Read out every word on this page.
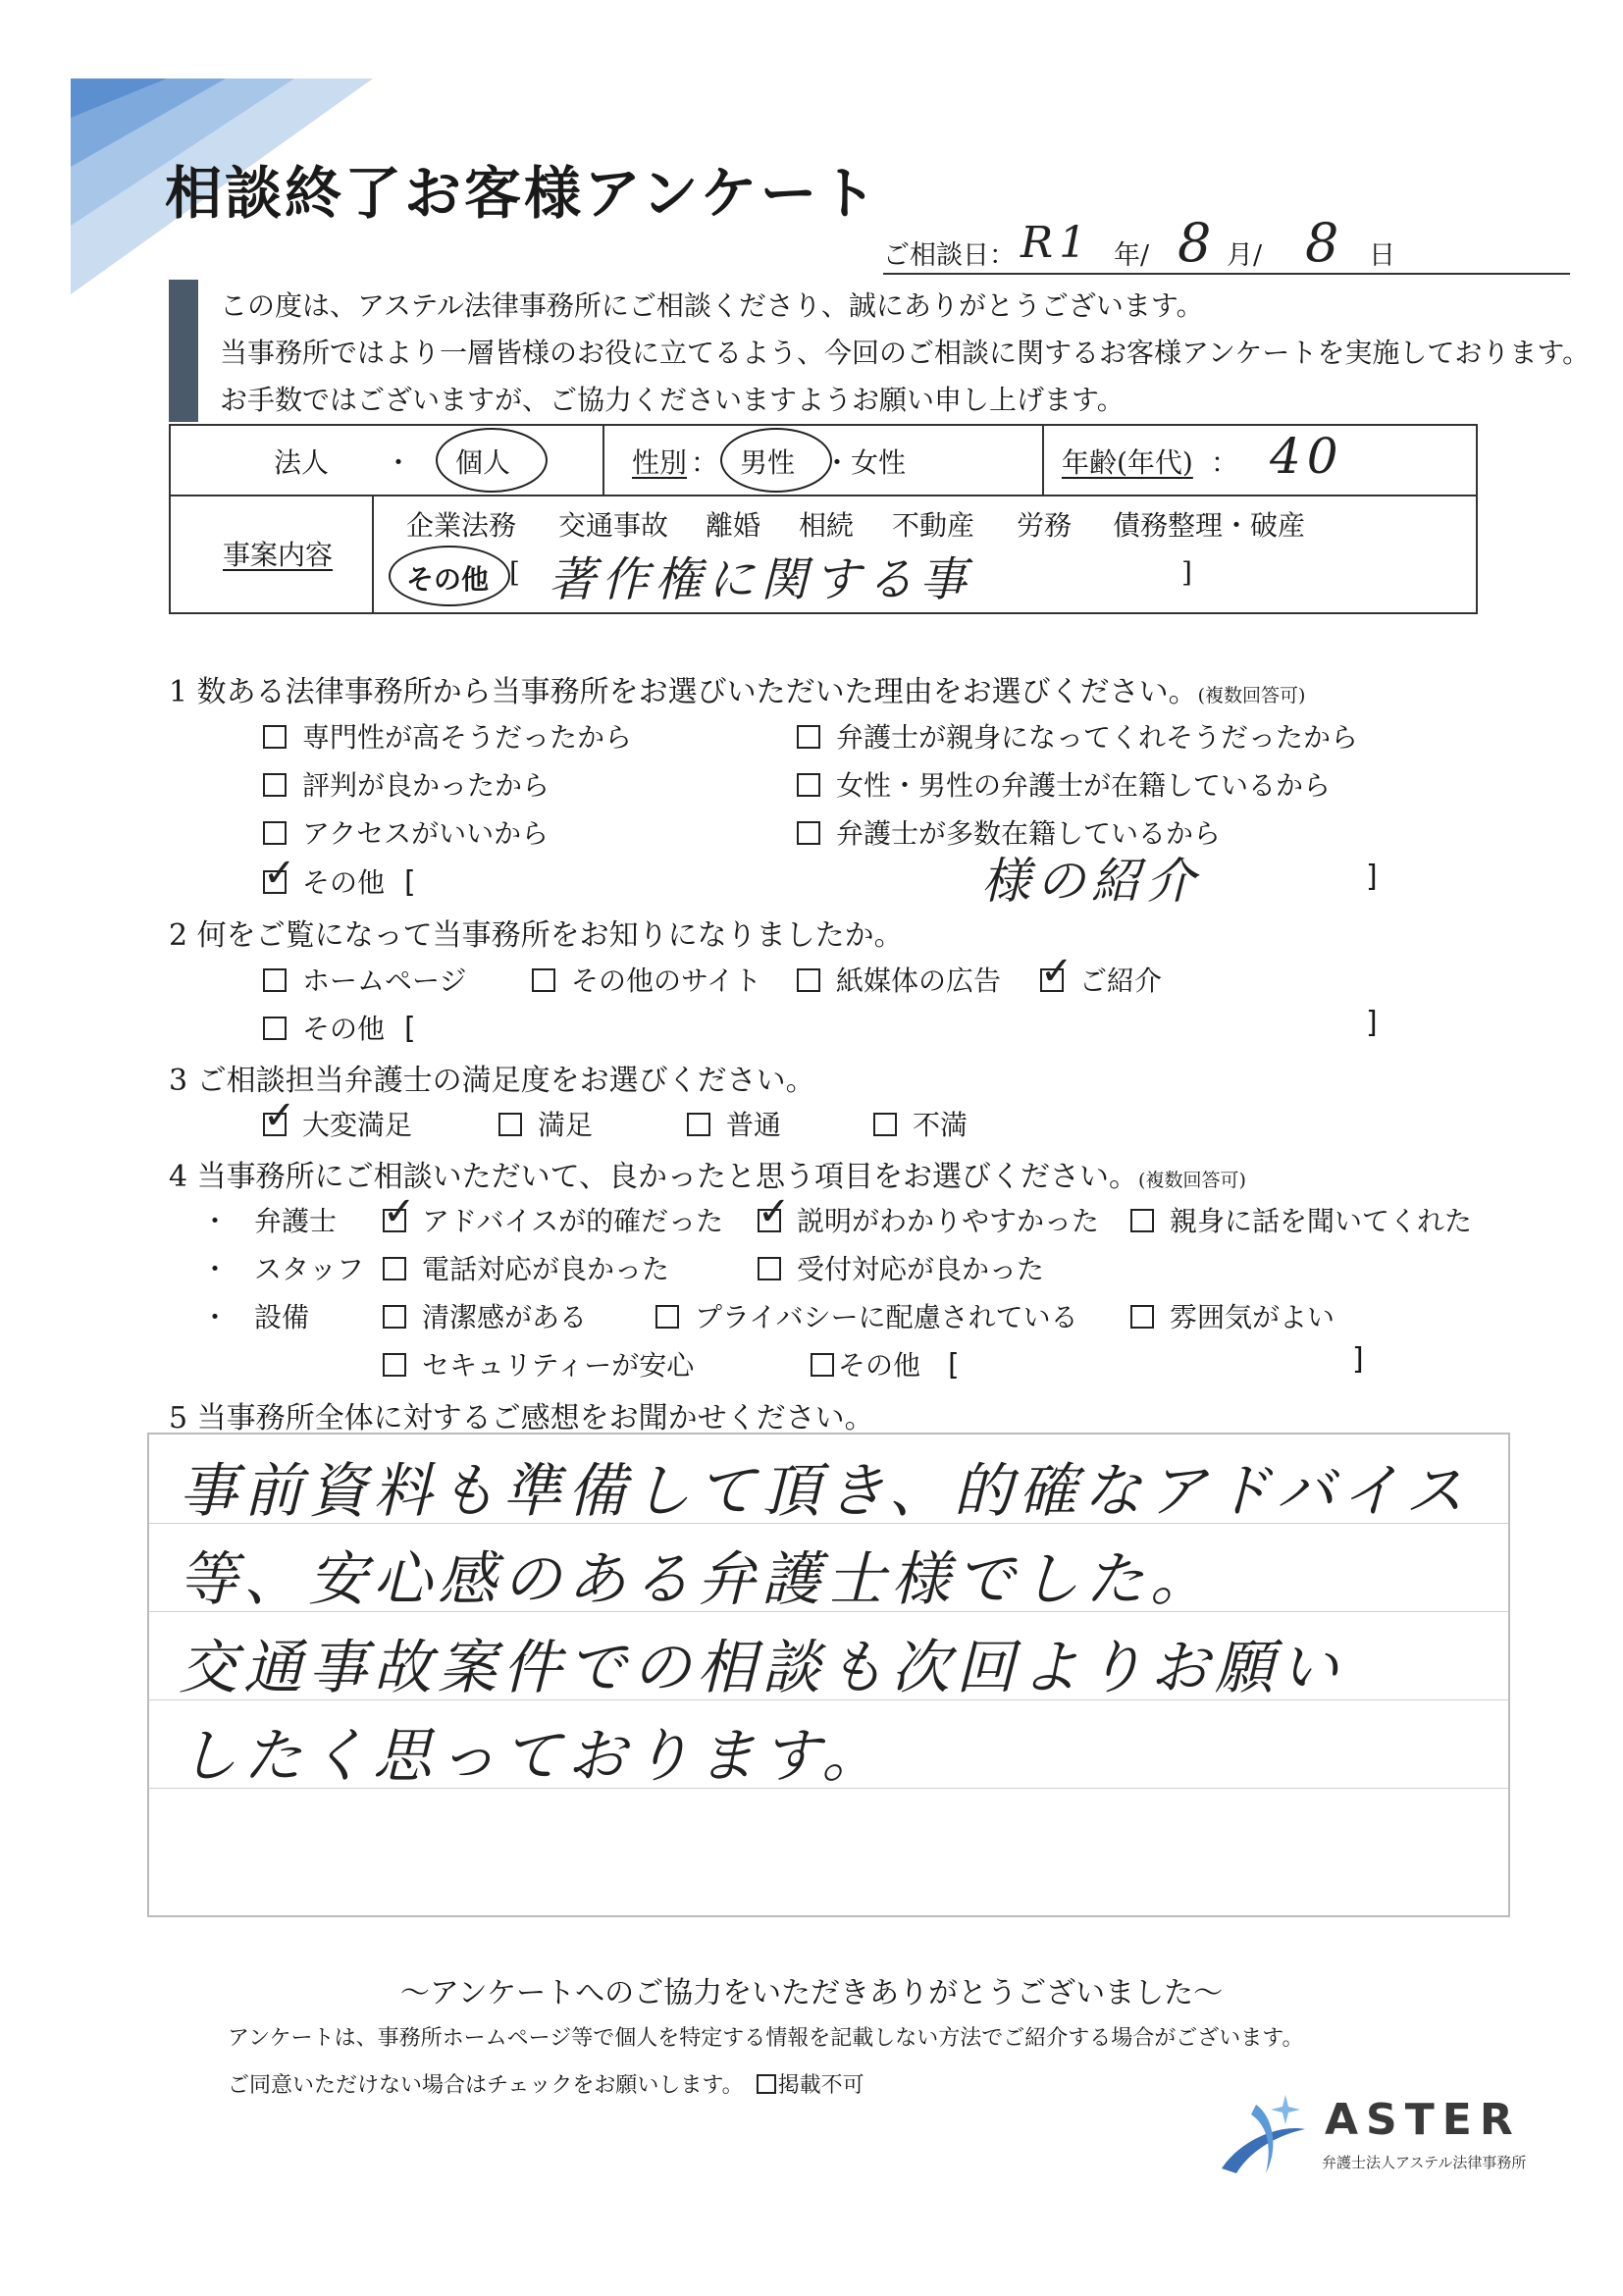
相談終了お客様アンケート
ご相談日： R1 年/ 8 月/ 8 日
この度は、アステル法律事務所にご相談くださり、誠にありがとうございます。
当事務所ではより一層皆様のお役に立てるよう、今回のご相談に関するお客様アンケートを実施しております。
お手数ではございますが、ご協力くださいますようお願い申し上げます。
法人 ・ 個人	性別 ： 男性 ・女性	年齢(年代) ： 40
事案内容
企業法務 交通事故 離婚 相続 不動産 労務 債務整理・破産
その他 [ 著作権に関する事	]
1 数ある法律事務所から当事務所をお選びいただいた理由をお選びください。(複数回答可)
専門性が高そうだったから	弁護士が親身になってくれそうだったから
評判が良かったから	女性・男性の弁護士が在籍しているから
アクセスがいいから	弁護士が多数在籍しているから
✓その他 [	様の紹介	]
2 何をご覧になって当事務所をお知りになりましたか。
ホームページ	その他のサイト	紙媒体の広告 ✓	ご紹介
その他 [	]
3 ご相談担当弁護士の満足度をお選びください。
✓大変満足	満足	普通	不満
4 当事務所にご相談いただいて、良かったと思う項目をお選びください。(複数回答可)
・ 弁護士 ✓	アドバイスが的確だった ✓	説明がわかりやすかった	親身に話を聞いてくれた
・ スタッフ	電話対応が良かった	受付対応が良かった
・ 設備	清潔感がある	プライバシーに配慮されている	雰囲気がよい
セキュリティーが安心	その他 [	]
5 当事務所全体に対するご感想をお聞かせください。
事前資料も準備して頂き、的確なアドバイス
等、安心感のある弁護士様でした。
交通事故案件での相談も次回よりお願い
したく思っております。
～アンケートへのご協力をいただきありがとうございました～
アンケートは、事務所ホームページ等で個人を特定する情報を記載しない方法でご紹介する場合がございます。
ご同意いただけない場合はチェックをお願いします。 掲載不可
ASTER
弁護士法人アステル法律事務所
